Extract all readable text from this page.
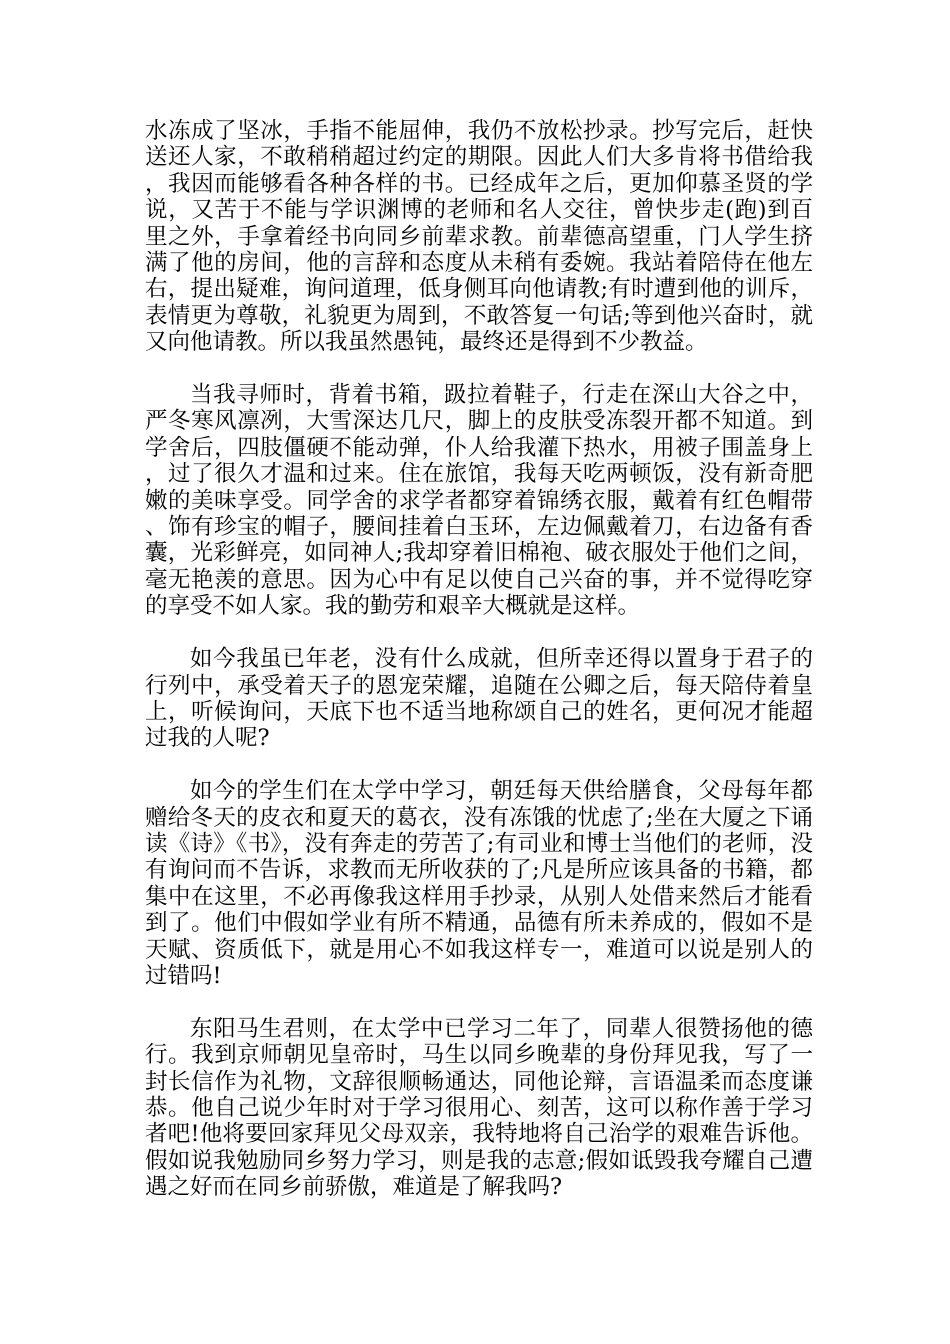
水冻成了坚冰，手指不能屈伸，我仍不放松抄录。抄写完后，赶快送还人家，不敢稍稍超过约定的期限。因此人们大多肯将书借给我，我因而能够看各种各样的书。已经成年之后，更加仰慕圣贤的学说，又苦于不能与学识渊博的老师和名人交往，曾快步走(跑)到百里之外，手拿着经书向同乡前辈求教。前辈德高望重，门人学生挤满了他的房间，他的言辞和态度从未稍有委婉。我站着陪侍在他左右，提出疑难，询问道理，低身侧耳向他请教;有时遭到他的训斥，表情更为尊敬，礼貌更为周到，不敢答复一句话;等到他兴奋时，就又向他请教。所以我虽然愚钝，最终还是得到不少教益。

当我寻师时，背着书箱，趿拉着鞋子，行走在深山大谷之中，严冬寒风凛冽，大雪深达几尺，脚上的皮肤受冻裂开都不知道。到学舍后，四肢僵硬不能动弹，仆人给我灌下热水，用被子围盖身上，过了很久才温和过来。住在旅馆，我每天吃两顿饭，没有新奇肥嫩的美味享受。同学舍的求学者都穿着锦绣衣服，戴着有红色帽带、饰有珍宝的帽子，腰间挂着白玉环，左边佩戴着刀，右边备有香囊，光彩鲜亮，如同神人;我却穿着旧棉袍、破衣服处于他们之间，毫无艳羡的意思。因为心中有足以使自己兴奋的事，并不觉得吃穿的享受不如人家。我的勤劳和艰辛大概就是这样。

如今我虽已年老，没有什么成就，但所幸还得以置身于君子的行列中，承受着天子的恩宠荣耀，追随在公卿之后，每天陪侍着皇上，听候询问，天底下也不适当地称颂自己的姓名，更何况才能超过我的人呢?

如今的学生们在太学中学习，朝廷每天供给膳食，父母每年都赠给冬天的皮衣和夏天的葛衣，没有冻饿的忧虑了;坐在大厦之下诵读《诗》《书》，没有奔走的劳苦了;有司业和博士当他们的老师，没有询问而不告诉，求教而无所收获的了;凡是所应该具备的书籍，都集中在这里，不必再像我这样用手抄录，从别人处借来然后才能看到了。他们中假如学业有所不精通，品德有所未养成的，假如不是天赋、资质低下，就是用心不如我这样专一，难道可以说是别人的过错吗!

东阳马生君则，在太学中已学习二年了，同辈人很赞扬他的德行。我到京师朝见皇帝时，马生以同乡晚辈的身份拜见我，写了一封长信作为礼物，文辞很顺畅通达，同他论辩，言语温柔而态度谦恭。他自己说少年时对于学习很用心、刻苦，这可以称作善于学习者吧!他将要回家拜见父母双亲，我特地将自己治学的艰难告诉他。假如说我勉励同乡努力学习，则是我的志意;假如诋毁我夸耀自己遭遇之好而在同乡前骄傲，难道是了解我吗?
